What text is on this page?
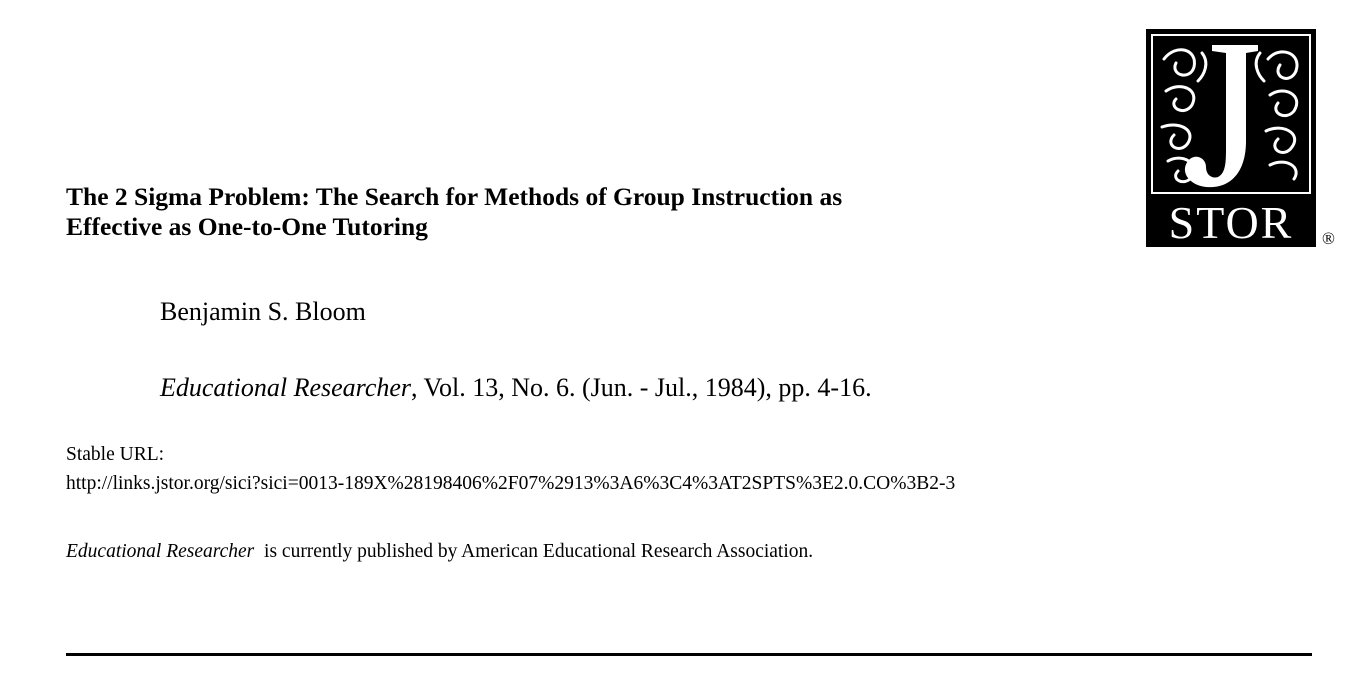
The 2 Sigma Problem: The Search for Methods of Group Instruction as
Effective as One-to-One Tutoring	STOR ®

Benjamin S. Bloom

Educational Researcher, Vol. 13, No. 6. (Jun. - Jul., 1984), pp. 4-16.

Stable URL:

http://links.jstor.org/sici?sici=0013-189X%28198406%2F07%2913%3A6%3C4%3AT2SPTS%3E2.0.CO%3B2-3

Educational Researcher  is currently published by American Educational Research Association.
